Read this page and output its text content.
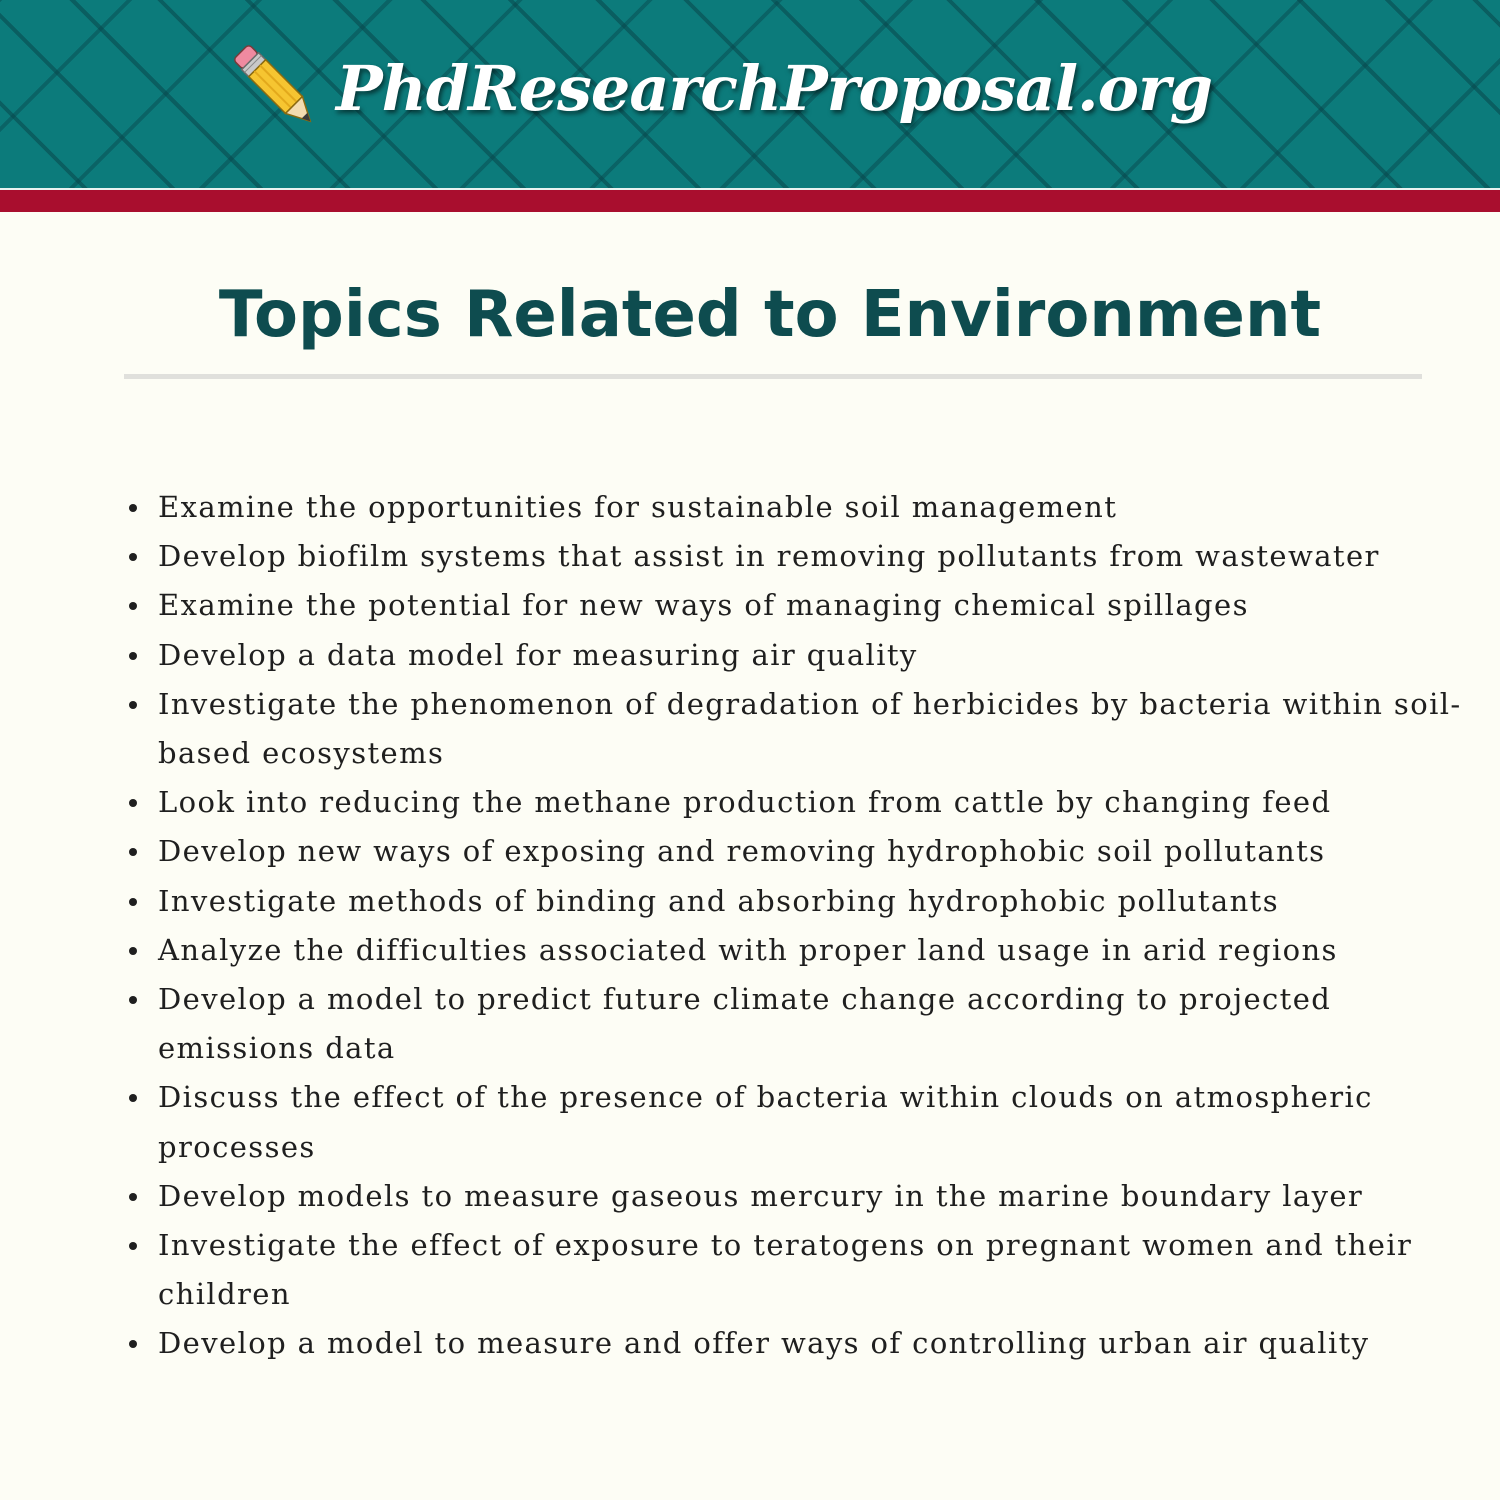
PhdResearchProposal.org
Topics Related to Environment
Examine the opportunities for sustainable soil management
Develop biofilm systems that assist in removing pollutants from wastewater
Examine the potential for new ways of managing chemical spillages
Develop a data model for measuring air quality
Investigate the phenomenon of degradation of herbicides by bacteria within soil-based ecosystems
Look into reducing the methane production from cattle by changing feed
Develop new ways of exposing and removing hydrophobic soil pollutants
Investigate methods of binding and absorbing hydrophobic pollutants
Analyze the difficulties associated with proper land usage in arid regions
Develop a model to predict future climate change according to projected emissions data
Discuss the effect of the presence of bacteria within clouds on atmospheric processes
Develop models to measure gaseous mercury in the marine boundary layer
Investigate the effect of exposure to teratogens on pregnant women and their children
Develop a model to measure and offer ways of controlling urban air quality
